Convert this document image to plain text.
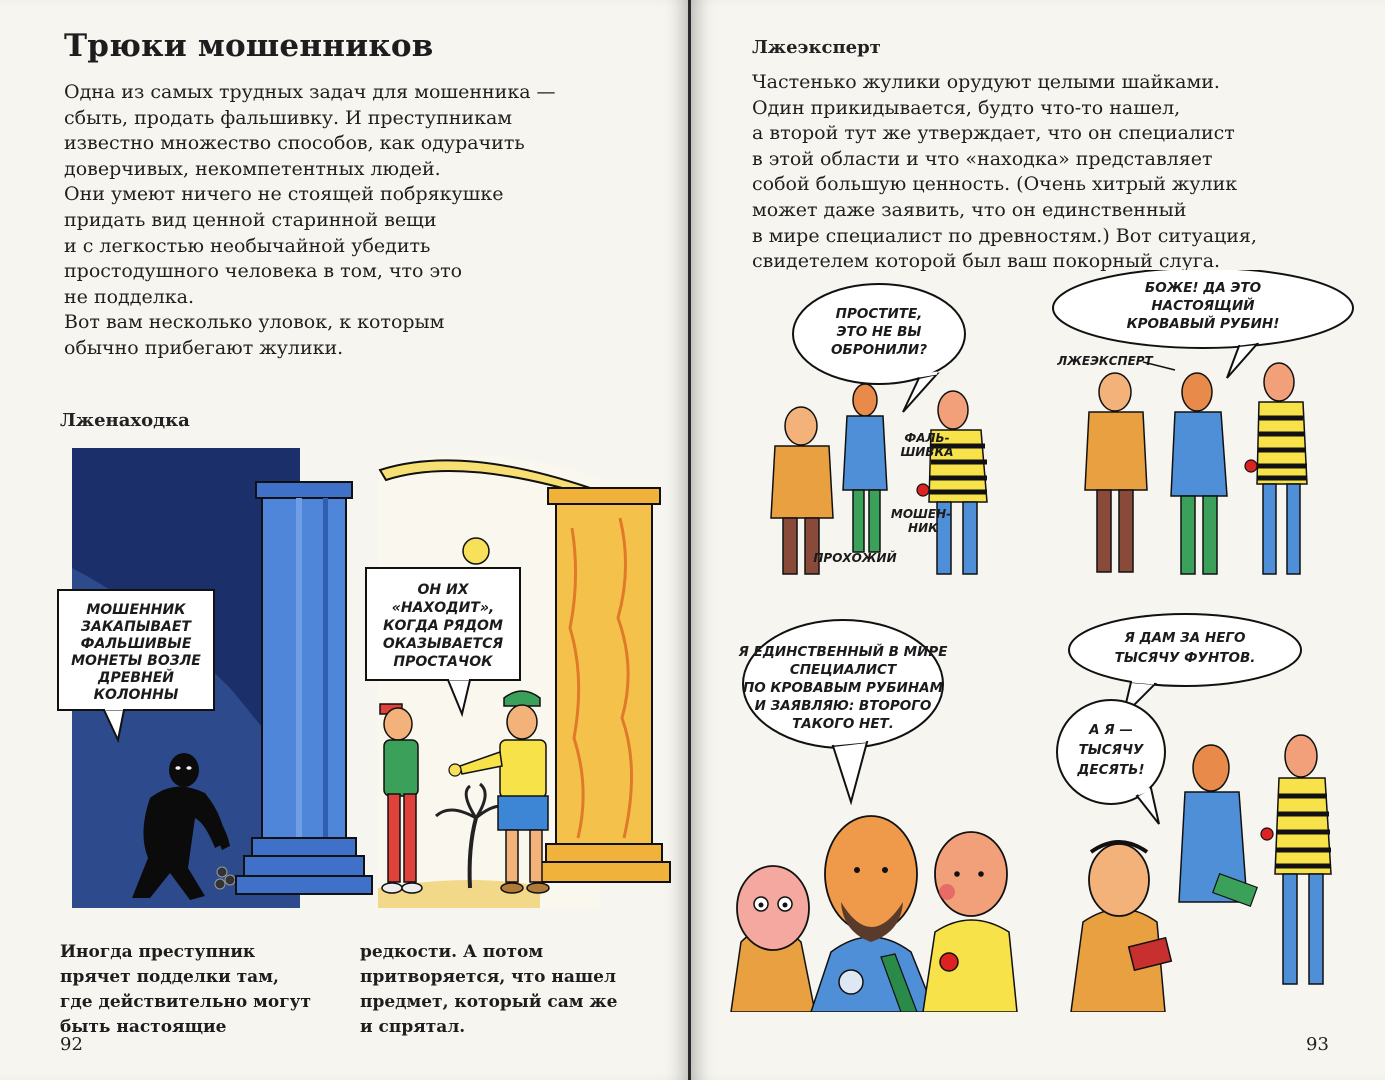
Трюки мошенников
Одна из самых трудных задач для мошенника —
сбыть, продать фальшивку. И преступникам
известно множество способов, как одурачить
доверчивых, некомпетентных людей.
Они умеют ничего не стоящей побрякушке
придать вид ценной старинной вещи
и с легкостью необычайной убедить
простодушного человека в том, что это
не подделка.
Вот вам несколько уловок, к которым
обычно прибегают жулики.
Лженаходка
МОШЕННИК
ЗАКАПЫВАЕТ
ФАЛЬШИВЫЕ
МОНЕТЫ ВОЗЛЕ
ДРЕВНЕЙ
КОЛОННЫ
ОН ИХ
«НАХОДИТ»,
КОГДА РЯДОМ
ОКАЗЫВАЕТСЯ
ПРОСТАЧОК
Иногда преступник
прячет подделки там,
где действительно могут
быть настоящие
редкости. А потом
притворяется, что нашел
предмет, который сам же
и спрятал.
92
Лжеэксперт
Частенько жулики орудуют целыми шайками.
Один прикидывается, будто что-то нашел,
а второй тут же утверждает, что он специалист
в этой области и что «находка» представляет
собой большую ценность. (Очень хитрый жулик
может даже заявить, что он единственный
в мире специалист по древностям.) Вот ситуация,
свидетелем которой был ваш покорный слуга.
ПРОСТИТЕ,
ЭТО НЕ ВЫ
ОБРОНИЛИ?
БОЖЕ! ДА ЭТО
НАСТОЯЩИЙ
КРОВАВЫЙ РУБИН!
ФАЛЬ-
ШИВКА
МОШЕН-
НИК
ПРОХОЖИЙ
ЛЖЕЭКСПЕРТ
Я ЕДИНСТВЕННЫЙ В МИРЕ
СПЕЦИАЛИСТ
ПО КРОВАВЫМ РУБИНАМ
И ЗАЯВЛЯЮ: ВТОРОГО
ТАКОГО НЕТ.
Я ДАМ ЗА НЕГО
ТЫСЯЧУ ФУНТОВ.
А Я —
ТЫСЯЧУ
ДЕСЯТЬ!
93
